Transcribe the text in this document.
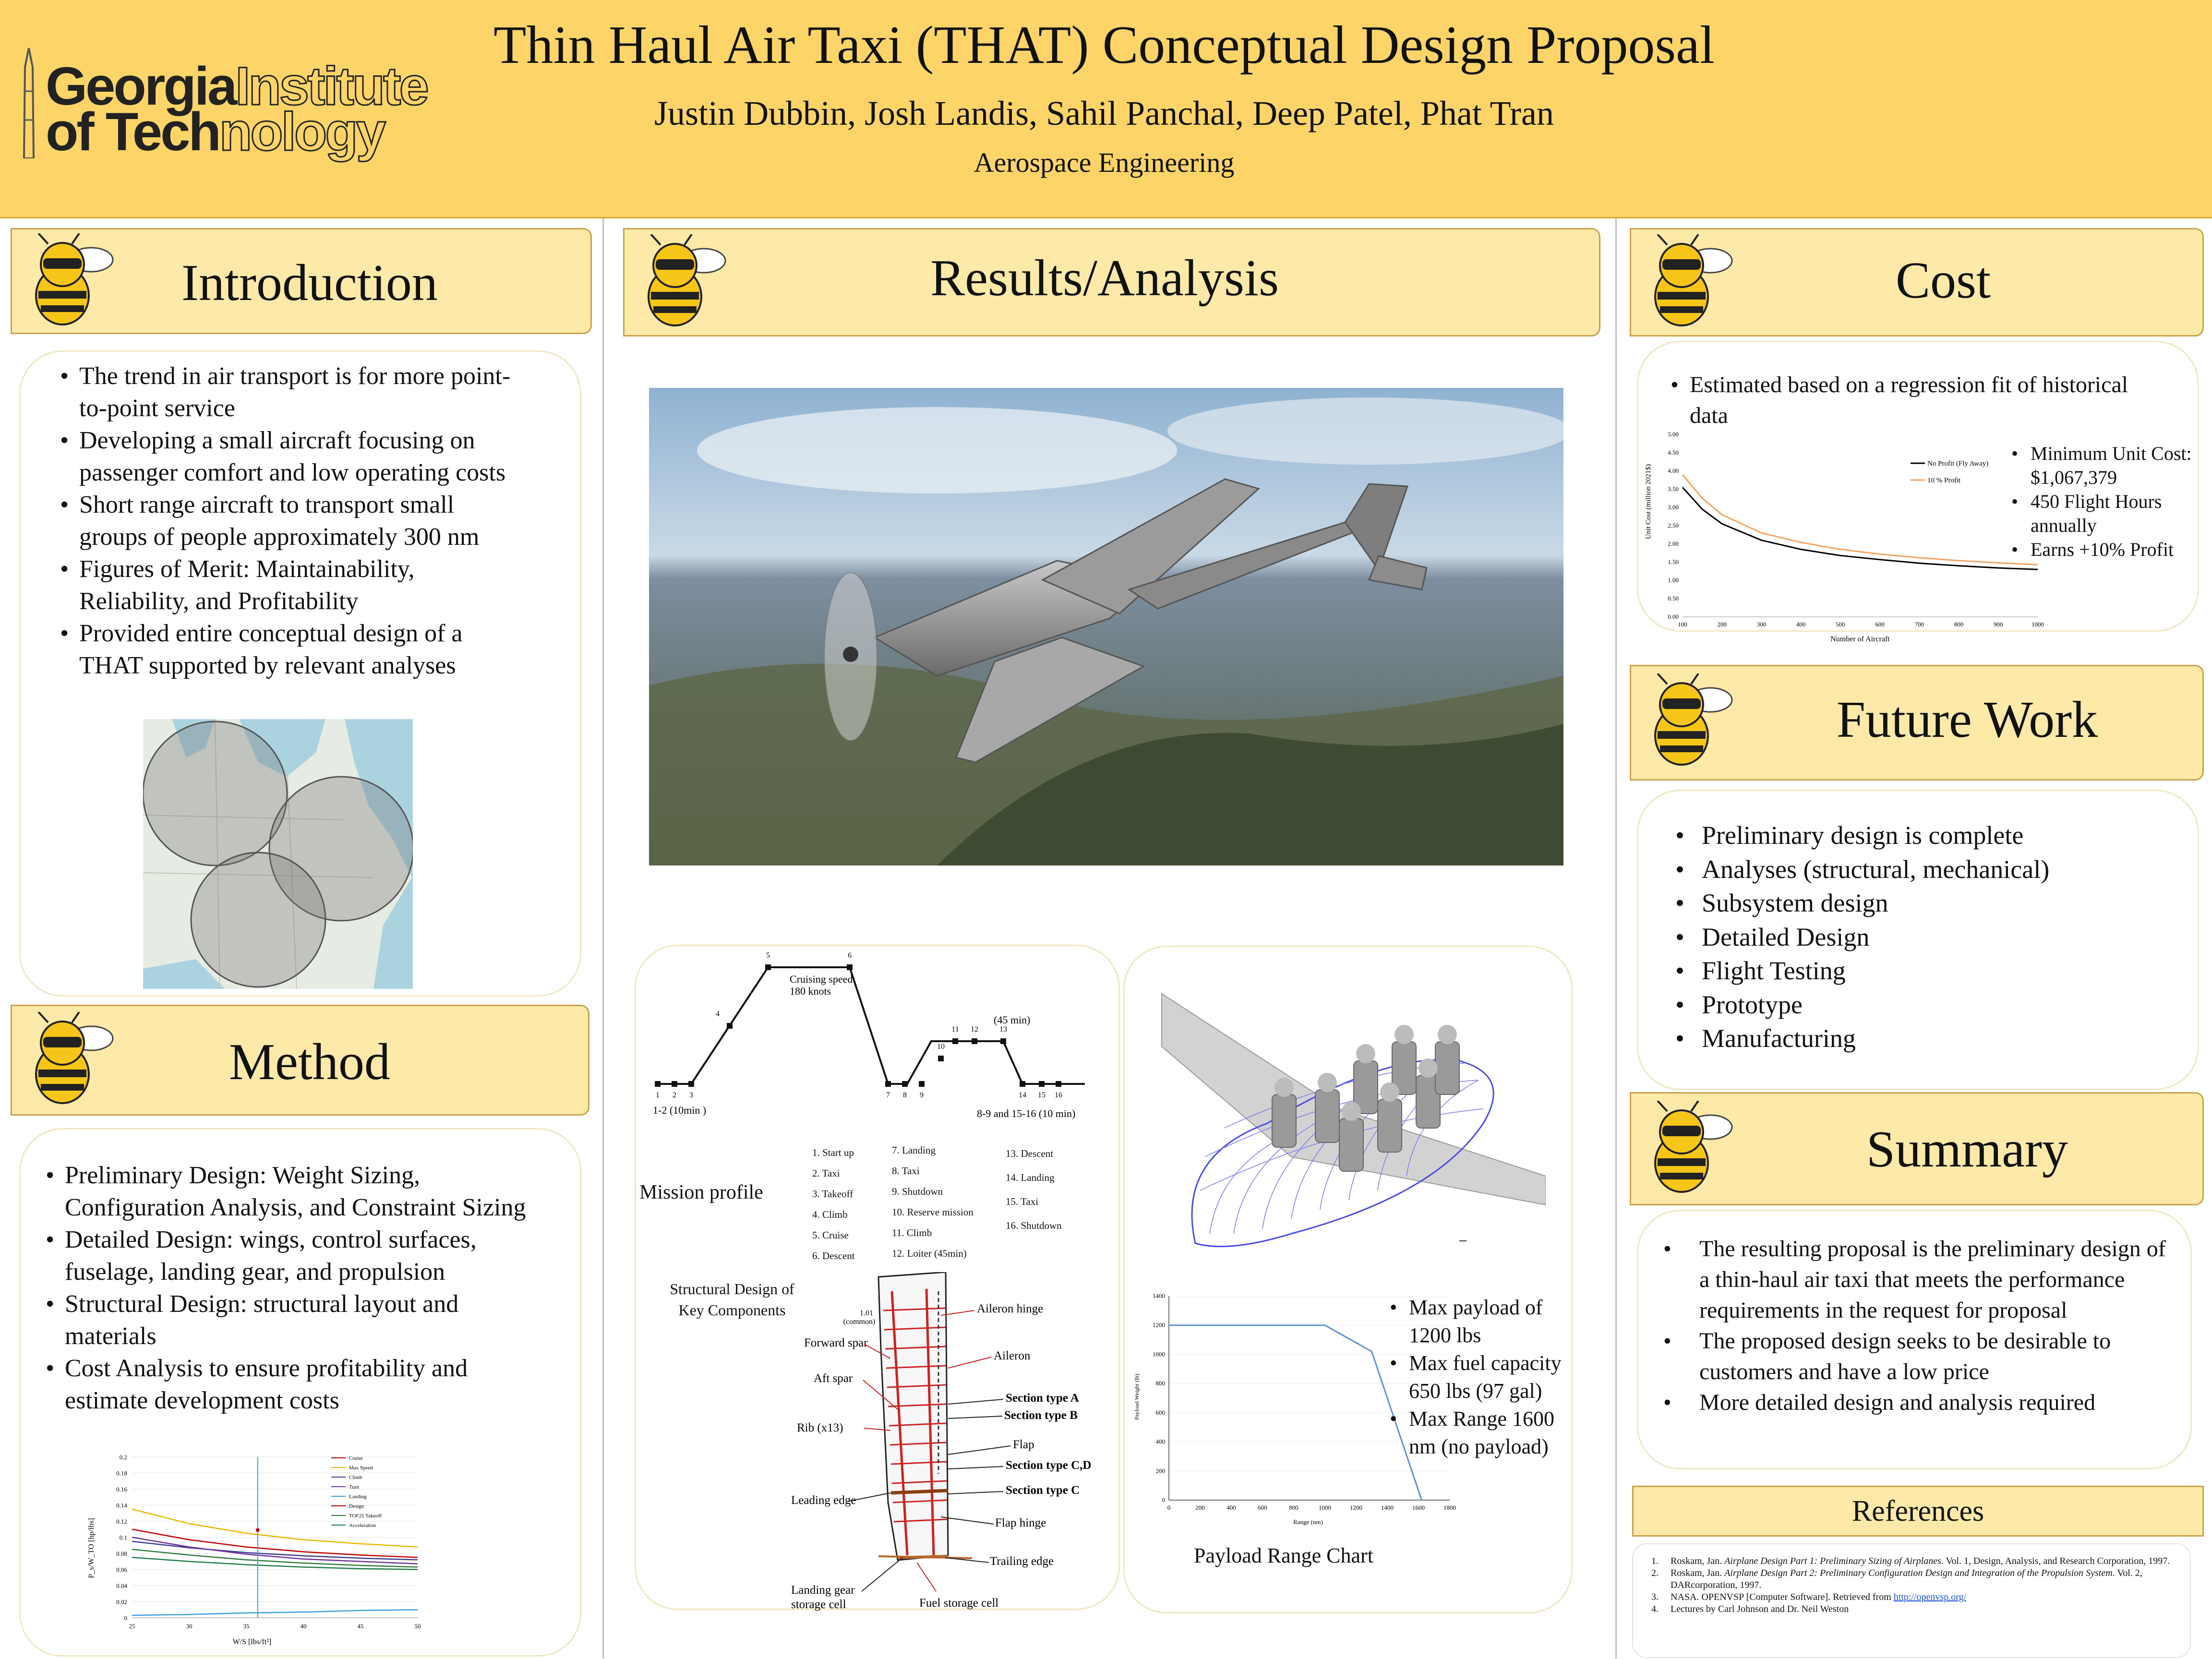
GeorgiaInstitute
of Technology
Thin Haul Air Taxi (THAT) Conceptual Design Proposal
Justin Dubbin, Josh Landis, Sahil Panchal, Deep Patel, Phat Tran
Aerospace Engineering
Introduction
• The trend in air transport is for more point-to-point service
• Developing a small aircraft focusing on passenger comfort and low operating costs
• Short range aircraft to transport small groups of people approximately 300 nm
• Figures of Merit: Maintainability, Reliability, and Profitability
• Provided entire conceptual design of a THAT supported by relevant analyses
Method
• Preliminary Design: Weight Sizing, Configuration Analysis, and Constraint Sizing
• Detailed Design: wings, control surfaces, fuselage, landing gear, and propulsion
• Structural Design: structural layout and materials
• Cost Analysis to ensure profitability and estimate development costs
0
0.02
0.04
0.06
0.08
0.1
0.12
0.14
0.16
0.18
0.2
25	30	35	40	45	50
Cruise
Max Speed
Climb
Turn
Landing
Design
TOF25 Takeoff
Acceleration
P_s/W_TO [hp/lbs]
W/S [lbs/ft²]
Results/Analysis
1 2 3
4
5	6
7 8 9
10
11 12	13
14 15 16
Cruising speed
180 knots
(45 min)
1-2 (10min )	8-9 and 15-16 (10 min)
Mission profile
1. Start up
2. Taxi
3. Takeoff
4. Climb
5. Cruise
6. Descent
7. Landing
8. Taxi
9. Shutdown
10. Reserve mission
11. Climb
12. Loiter (45min)
13. Descent
14. Landing
15. Taxi
16. Shutdown
Structural Design of
Key Components	1.01
(common)
Aileron hinge
Forward spar
Aileron
Aft spar
Section type A
Section type B
Rib (x13)
Flap
Section type C,D
Leading edge
Section type C
Flap hinge
Trailing edge
Landing gear
storage cell	Fuel storage cell
0
200
400
600
800
1000
1200
1400
0	200	400	600	800	1000	1200	1400	1600	1800
Payload Weight (lb)
Range (nm)
• Max payload of 1200 lbs
• Max fuel capacity 650 lbs (97 gal)
• Max Range 1600 nm (no payload)
Payload Range Chart
Cost
• Estimated based on a regression fit of historical data
0.00
0.50
1.00
1.50
2.00
2.50
3.00
3.50
4.00
4.50
5.00
100	200	300	400	500	600	700	800	900	1000
No Profit (Fly Away)
10 % Profit
Unit Cost (million 2021$)
Number of Aircraft
• Minimum Unit Cost: $1,067,379
• 450 Flight Hours annually
• Earns +10% Profit
Future Work
• Preliminary design is complete
• Analyses (structural, mechanical)
• Subsystem design
• Detailed Design
• Flight Testing
• Prototype
• Manufacturing
Summary
• The resulting proposal is the preliminary design of a thin-haul air taxi that meets the performance requirements in the request for proposal
• The proposed design seeks to be desirable to customers and have a low price
• More detailed design and analysis required
References
1. Roskam, Jan. Airplane Design Part 1: Preliminary Sizing of Airplanes. Vol. 1, Design, Analysis, and Research Corporation, 1997.
2. Roskam, Jan. Airplane Design Part 2: Preliminary Configuration Design and Integration of the Propulsion System. Vol. 2, DARcorporation, 1997.
3. NASA. OPENVSP [Computer Software]. Retrieved from http://openvsp.org/
4. Lectures by Carl Johnson and Dr. Neil Weston
